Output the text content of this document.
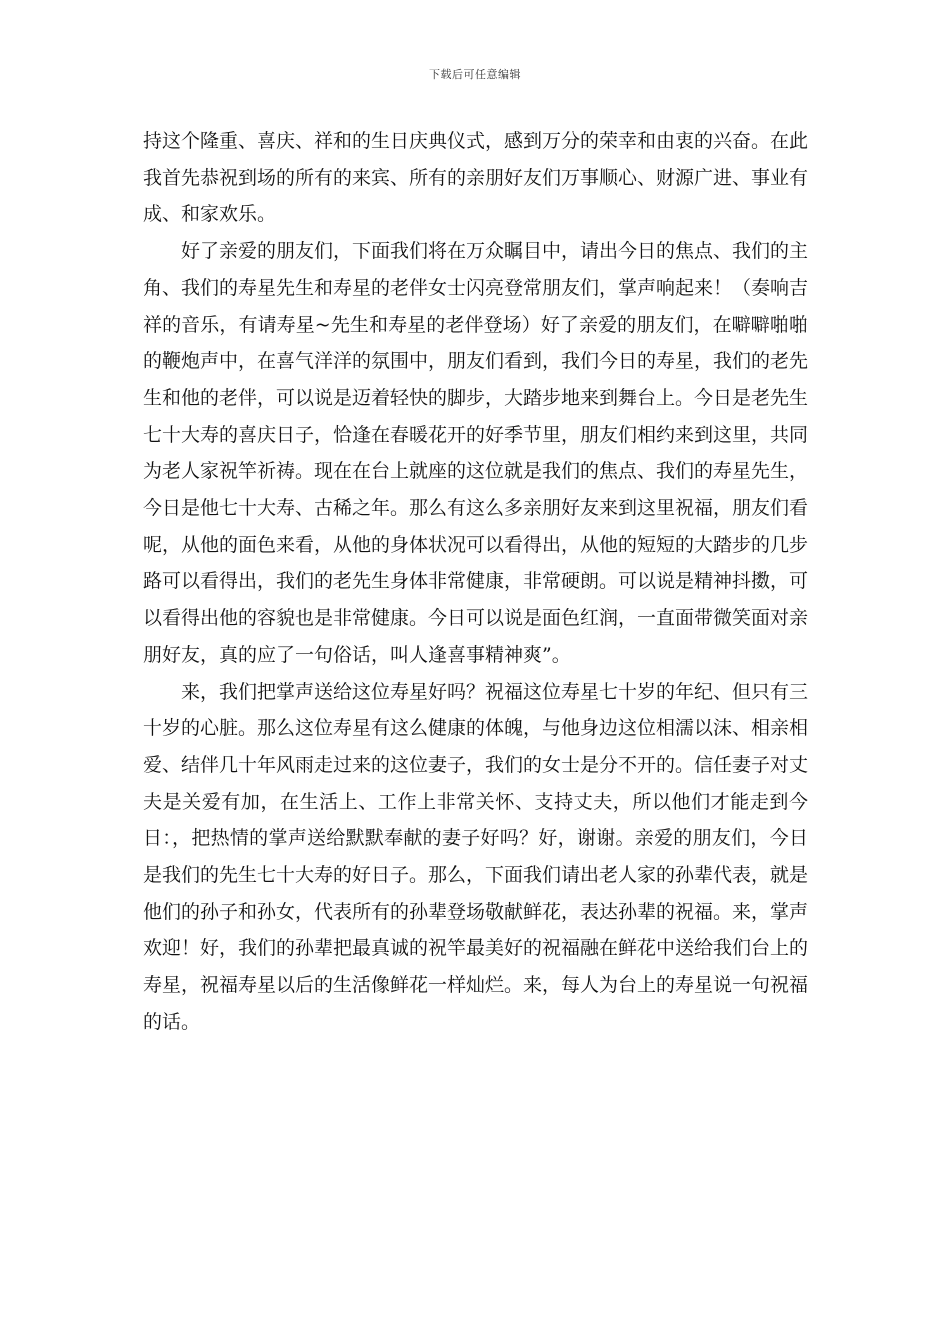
下载后可任意编辑

持这个隆重、喜庆、祥和的生日庆典仪式，感到万分的荣幸和由衷的兴奋。在此我首先恭祝到场的所有的来宾、所有的亲朋好友们万事顺心、财源广进、事业有成、和家欢乐。

好了亲爱的朋友们，下面我们将在万众瞩目中，请出今日的焦点、我们的主角、我们的寿星先生和寿星的老伴女士闪亮登常朋友们，掌声响起来！（奏响吉祥的音乐，有请寿星~先生和寿星的老伴登场）好了亲爱的朋友们，在噼噼啪啪的鞭炮声中，在喜气洋洋的氛围中，朋友们看到，我们今日的寿星，我们的老先生和他的老伴，可以说是迈着轻快的脚步，大踏步地来到舞台上。今日是老先生七十大寿的喜庆日子，恰逢在春暖花开的好季节里，朋友们相约来到这里，共同为老人家祝竿祈祷。现在在台上就座的这位就是我们的焦点、我们的寿星先生，今日是他七十大寿、古稀之年。那么有这么多亲朋好友来到这里祝福，朋友们看呢，从他的面色来看，从他的身体状况可以看得出，从他的短短的大踏步的几步路可以看得出，我们的老先生身体非常健康，非常硬朗。可以说是精神抖擞，可以看得出他的容貌也是非常健康。今日可以说是面色红润，一直面带微笑面对亲朋好友，真的应了一句俗话，叫人逢喜事精神爽”。

来，我们把掌声送给这位寿星好吗？祝福这位寿星七十岁的年纪、但只有三十岁的心脏。那么这位寿星有这么健康的体魄，与他身边这位相濡以沫、相亲相爱、结伴几十年风雨走过来的这位妻子，我们的女士是分不开的。信任妻子对丈夫是关爱有加，在生活上、工作上非常关怀、支持丈夫，所以他们才能走到今日：，把热情的掌声送给默默奉献的妻子好吗？好，谢谢。亲爱的朋友们，今日是我们的先生七十大寿的好日子。那么，下面我们请出老人家的孙辈代表，就是他们的孙子和孙女，代表所有的孙辈登场敬献鲜花，表达孙辈的祝福。来，掌声欢迎！好，我们的孙辈把最真诚的祝竿最美好的祝福融在鲜花中送给我们台上的寿星，祝福寿星以后的生活像鲜花一样灿烂。来，每人为台上的寿星说一句祝福的话。
